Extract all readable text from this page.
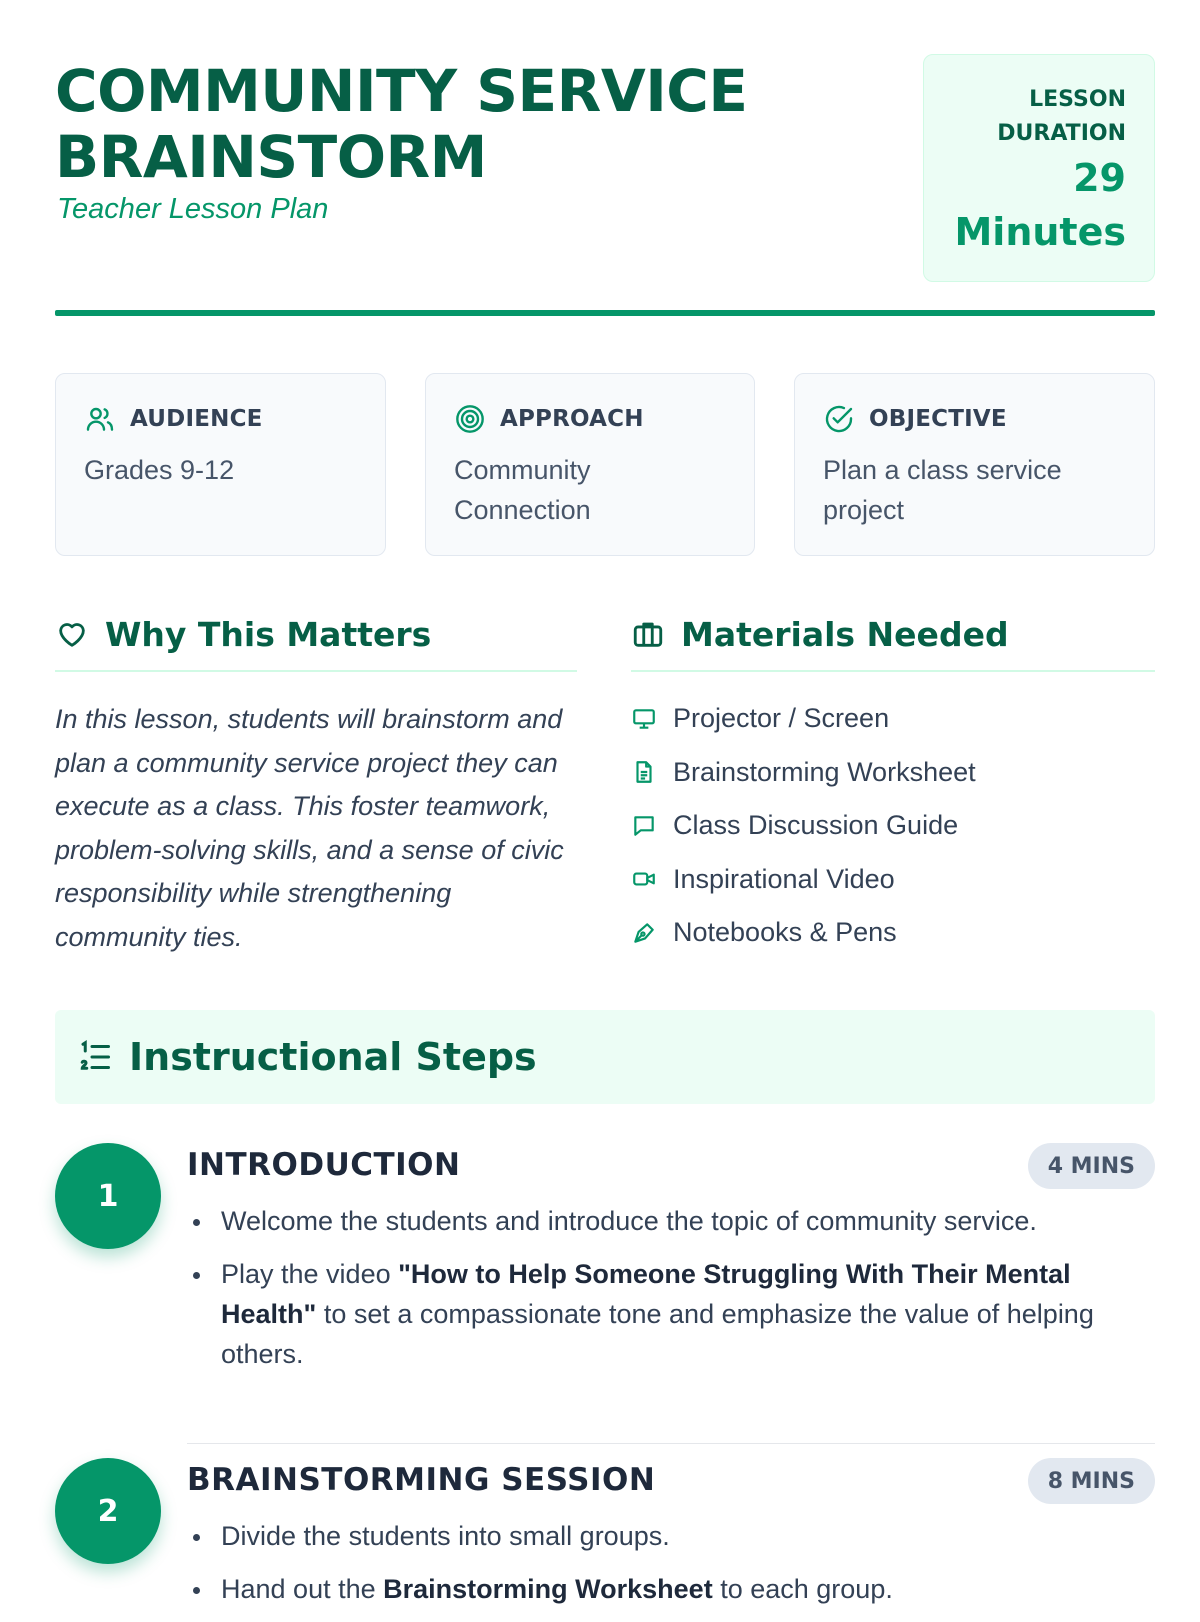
COMMUNITY SERVICE BRAINSTORM
Teacher Lesson Plan
LESSON DURATION
29 Minutes
AUDIENCE
Grades 9-12
APPROACH
Community Connection
OBJECTIVE
Plan a class service project
Why This Matters

In this lesson, students will brainstorm and plan a community service project they can execute as a class. This foster teamwork, problem-solving skills, and a sense of civic responsibility while strengthening community ties.

Materials Needed
Projector / Screen
Brainstorming Worksheet
Class Discussion Guide
Inspirational Video
Notebooks & Pens
Instructional Steps
1
INTRODUCTION	4 MINS
Welcome the students and introduce the topic of community service.
Play the video "How to Help Someone Struggling With Their Mental Health" to set a compassionate tone and emphasize the value of helping others.
2
BRAINSTORMING SESSION	8 MINS
Divide the students into small groups.
Hand out the Brainstorming Worksheet to each group.
